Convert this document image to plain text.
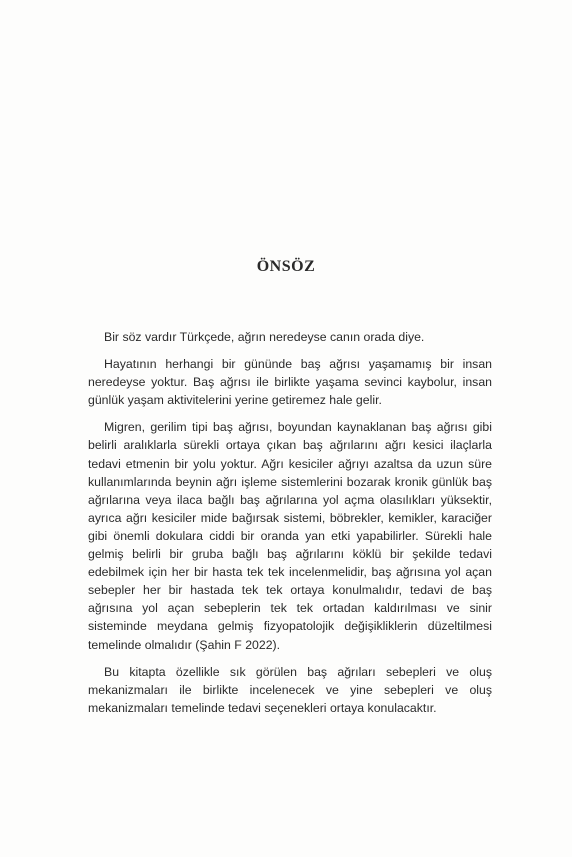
ÖNSÖZ

Bir söz vardır Türkçede, ağrın neredeyse canın orada diye.

Hayatının herhangi bir gününde baş ağrısı yaşamamış bir insan neredeyse yoktur. Baş ağrısı ile birlikte yaşama sevinci kaybolur, insan günlük yaşam aktivitelerini yerine getiremez hale gelir.

Migren, gerilim tipi baş ağrısı, boyundan kaynaklanan baş ağrısı gibi belirli aralıklarla sürekli ortaya çıkan baş ağrılarını ağrı kesici ilaçlarla tedavi etmenin bir yolu yoktur. Ağrı kesiciler ağrıyı azaltsa da uzun süre kullanımlarında beynin ağrı işleme sistemlerini bozarak kronik günlük baş ağrılarına veya ilaca bağlı baş ağrılarına yol açma olasılıkları yüksektir, ayrıca ağrı kesiciler mide bağırsak sistemi, böbrekler, kemikler, karaciğer gibi önemli dokulara ciddi bir oranda yan etki yapabilirler. Sürekli hale gelmiş belirli bir gruba bağlı baş ağrılarını köklü bir şekilde tedavi edebilmek için her bir hasta tek tek incelenmelidir, baş ağrısına yol açan sebepler her bir hastada tek tek ortaya konulmalıdır, tedavi de baş ağrısına yol açan sebeplerin tek tek ortadan kaldırılması ve sinir sisteminde meydana gelmiş fizyopatolojik değişikliklerin düzeltilmesi temelinde olmalıdır (Şahin F 2022).

Bu kitapta özellikle sık görülen baş ağrıları sebepleri ve oluş mekanizmaları ile birlikte incelenecek ve yine sebepleri ve oluş mekanizmaları temelinde tedavi seçenekleri ortaya konulacaktır.
